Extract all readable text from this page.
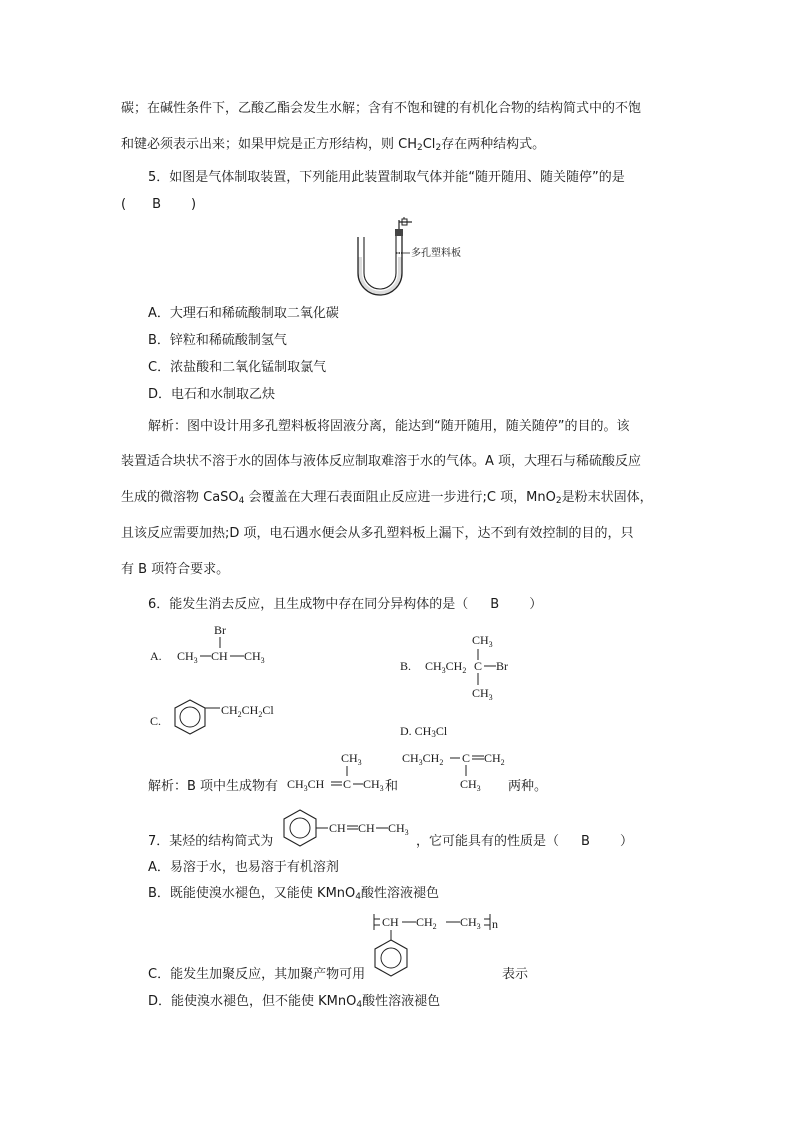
碳；在碱性条件下，乙酸乙酯会发生水解；含有不饱和键的有机化合物的结构简式中的不饱
和键必须表示出来；如果甲烷是正方形结构，则 $CH_2Cl_2$存在两种结构式。
5．如图是气体制取装置，下列能用此装置制取气体并能“随开随用、随关随停”的是
( B )
多孔塑料板
A．大理石和稀硫酸制取二氧化碳
B．锌粒和稀硫酸制氢气
C．浓盐酸和二氧化锰制取氯气
D．电石和水制取乙炔
解析：图中设计用多孔塑料板将固液分离，能达到“随开随用，随关随停”的目的。该
装置适合块状不溶于水的固体与液体反应制取难溶于水的气体。A 项，大理石与稀硫酸反应
生成的微溶物 CaSO$_4$ 会覆盖在大理石表面阻止反应进一步进行;C 项，MnO$_2$是粉末状固体，
且该反应需要加热;D 项，电石遇水便会从多孔塑料板上漏下，达不到有效控制的目的，只
有 B 项符合要求。
6．能发生消去反应，且生成物中存在同分异构体的是（ B ）
A.
Br
$CH_3$ CH $CH_3$	B.
$CH_3$
$CH_3CH_2$ C Br
$CH_3$
C.
$CH_2CH_2Cl$
D. $CH_3Cl$
解析：B 项中生成物有
$CH_3$
$CH_3CH$ C $CH_3$ 和
$CH_3CH_2$ C $CH_2$
$CH_3$ 两种。
7．某烃的结构简式为
CH CH $CH_3$
，它可能具有的性质是（ B ）
A．易溶于水，也易溶于有机溶剂
B．既能使溴水褪色，又能使 KMnO$_4$酸性溶液褪色
CH $CH_2$ $CH_3$ n
C．能发生加聚反应，其加聚产物可用	表示
D．能使溴水褪色，但不能使 KMnO$_4$酸性溶液褪色
